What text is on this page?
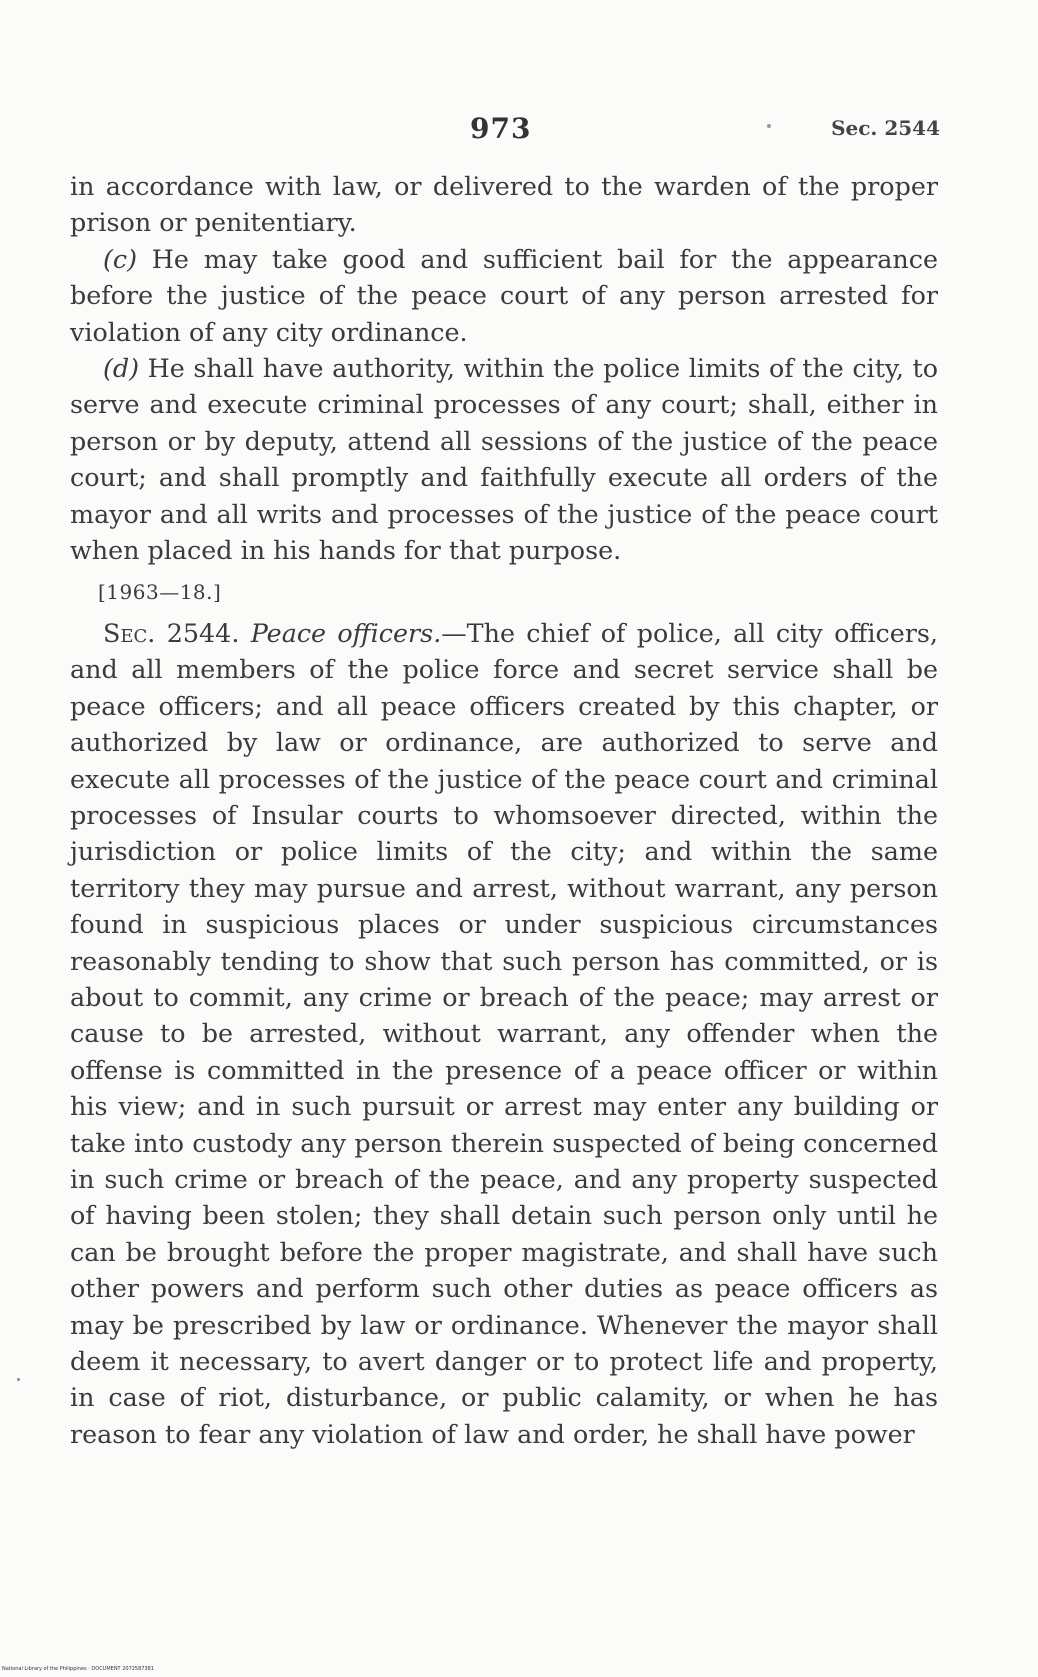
973	Sec. 2544

in accordance with law, or delivered to the warden of the proper prison or penitentiary.

(c) He may take good and sufficient bail for the appearance before the justice of the peace court of any person arrested for violation of any city ordinance.

(d) He shall have authority, within the police limits of the city, to serve and execute criminal processes of any court; shall, either in person or by deputy, attend all sessions of the justice of the peace court; and shall promptly and faithfully execute all orders of the mayor and all writs and processes of the justice of the peace court when placed in his hands for that purpose.

[1963—18.]

Sec. 2544. Peace officers.—The chief of police, all city officers, and all members of the police force and secret service shall be peace officers; and all peace officers created by this chapter, or authorized by law or ordinance, are authorized to serve and execute all processes of the justice of the peace court and criminal processes of Insular courts to whomsoever directed, within the jurisdiction or police limits of the city; and within the same territory they may pursue and arrest, without warrant, any person found in suspicious places or under suspicious circumstances reasonably tending to show that such person has committed, or is about to commit, any crime or breach of the peace; may arrest or cause to be arrested, without warrant, any offender when the offense is committed in the presence of a peace officer or within his view; and in such pursuit or arrest may enter any building or take into custody any person therein suspected of being concerned in such crime or breach of the peace, and any property suspected of having been stolen; they shall detain such person only until he can be brought before the proper magistrate, and shall have such other powers and perform such other duties as peace officers as may be prescribed by law or ordinance. Whenever the mayor shall deem it necessary, to avert danger or to protect life and property, in case of riot, disturbance, or public calamity, or when he has reason to fear any violation of law and order, he shall have power

National Library of the Philippines · DOCUMENT 2072587381
